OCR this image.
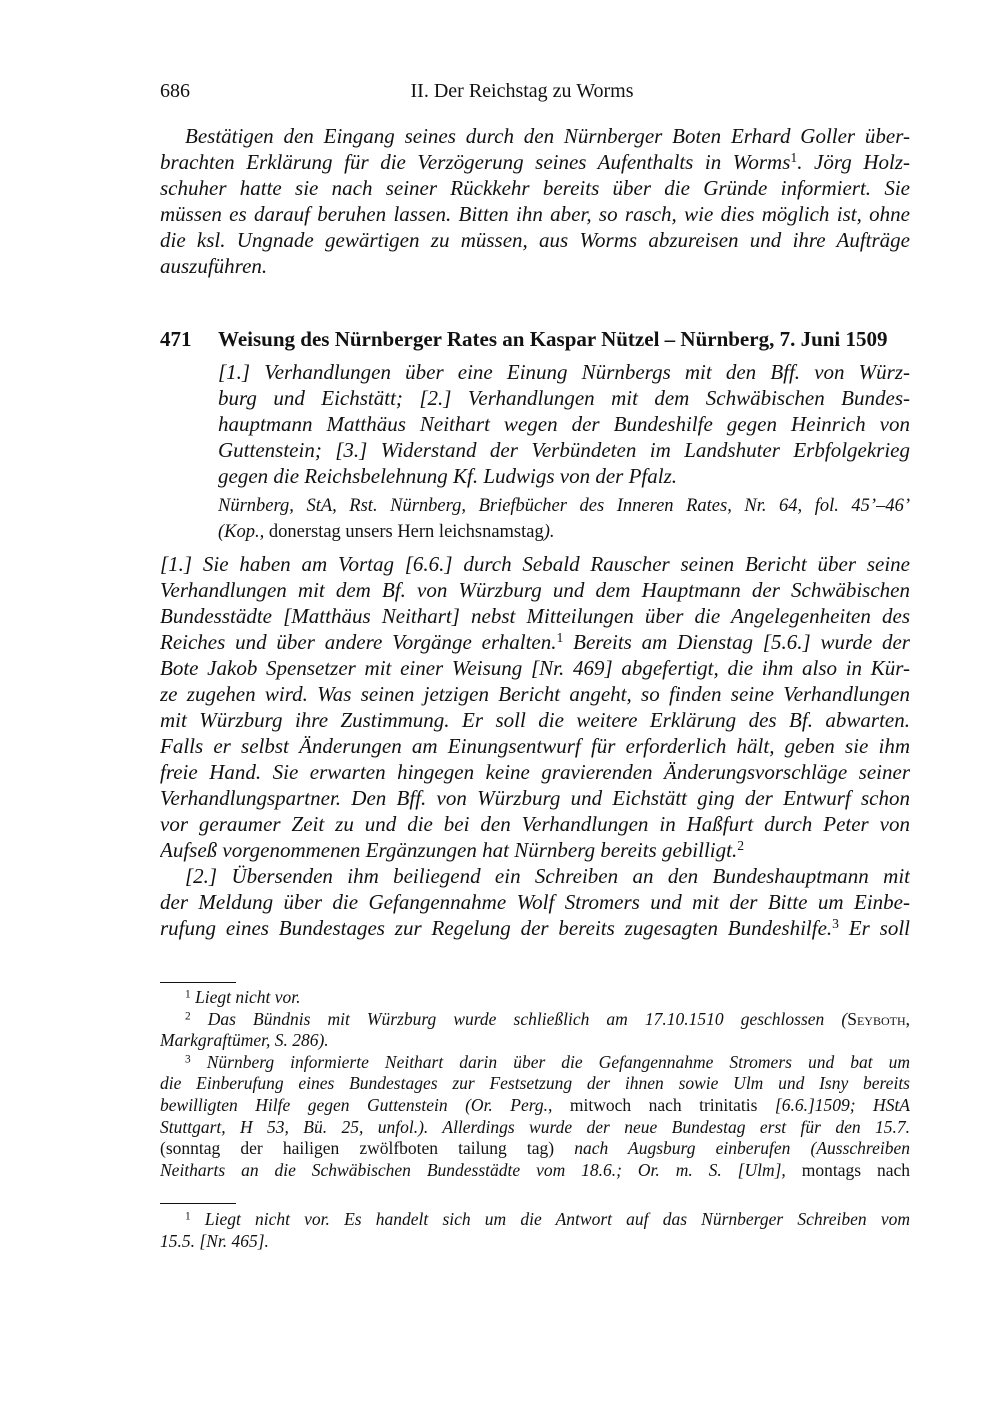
686	II. Der Reichstag zu Worms
Bestätigen den Eingang seines durch den Nürnberger Boten Erhard Goller über-
brachten Erklärung für die Verzögerung seines Aufenthalts in Worms$^1$. Jörg Holz-
schuher hatte sie nach seiner Rückkehr bereits über die Gründe informiert. Sie
müssen es darauf beruhen lassen. Bitten ihn aber, so rasch, wie dies möglich ist, ohne
die ksl. Ungnade gewärtigen zu müssen, aus Worms abzureisen und ihre Aufträge
auszuführen.
471 Weisung des Nürnberger Rates an Kaspar Nützel – Nürnberg, 7. Juni 1509
[1.] Verhandlungen über eine Einung Nürnbergs mit den Bff. von Würz-
burg und Eichstätt; [2.] Verhandlungen mit dem Schwäbischen Bundes-
hauptmann Matthäus Neithart wegen der Bundeshilfe gegen Heinrich von
Guttenstein; [3.] Widerstand der Verbündeten im Landshuter Erbfolgekrieg
gegen die Reichsbelehnung Kf. Ludwigs von der Pfalz.
Nürnberg, StA, Rst. Nürnberg, Briefbücher des Inneren Rates, Nr. 64, fol. 45’–46’
(Kop., donerstag unsers Hern leichsnamstag).
[1.] Sie haben am Vortag [6.6.] durch Sebald Rauscher seinen Bericht über seine
Verhandlungen mit dem Bf. von Würzburg und dem Hauptmann der Schwäbischen
Bundesstädte [Matthäus Neithart] nebst Mitteilungen über die Angelegenheiten des
Reiches und über andere Vorgänge erhalten.$^1$ Bereits am Dienstag [5.6.] wurde der
Bote Jakob Spensetzer mit einer Weisung [Nr. 469] abgefertigt, die ihm also in Kür-
ze zugehen wird. Was seinen jetzigen Bericht angeht, so finden seine Verhandlungen
mit Würzburg ihre Zustimmung. Er soll die weitere Erklärung des Bf. abwarten.
Falls er selbst Änderungen am Einungsentwurf für erforderlich hält, geben sie ihm
freie Hand. Sie erwarten hingegen keine gravierenden Änderungsvorschläge seiner
Verhandlungspartner. Den Bff. von Würzburg und Eichstätt ging der Entwurf schon
vor geraumer Zeit zu und die bei den Verhandlungen in Haßfurt durch Peter von
Aufseß vorgenommenen Ergänzungen hat Nürnberg bereits gebilligt.$^2$
[2.] Übersenden ihm beiliegend ein Schreiben an den Bundeshauptmann mit
der Meldung über die Gefangennahme Wolf Stromers und mit der Bitte um Einbe-
rufung eines Bundestages zur Regelung der bereits zugesagten Bundeshilfe.$^3$ Er soll
$^1$ Liegt nicht vor.
$^2$ Das Bündnis mit Würzburg wurde schließlich am 17.10.1510 geschlossen (Seyboth,
Markgraftümer, S. 286).
$^3$ Nürnberg informierte Neithart darin über die Gefangennahme Stromers und bat um
die Einberufung eines Bundestages zur Festsetzung der ihnen sowie Ulm und Isny bereits
bewilligten Hilfe gegen Guttenstein (Or. Perg., mitwoch nach trinitatis [6.6.]1509; HStA
Stuttgart, H 53, Bü. 25, unfol.). Allerdings wurde der neue Bundestag erst für den 15.7.
(sonntag der hailigen zwölfboten tailung tag) nach Augsburg einberufen (Ausschreiben
Neitharts an die Schwäbischen Bundesstädte vom 18.6.; Or. m. S. [Ulm], montags nach
$^1$ Liegt nicht vor. Es handelt sich um die Antwort auf das Nürnberger Schreiben vom
15.5. [Nr. 465].
